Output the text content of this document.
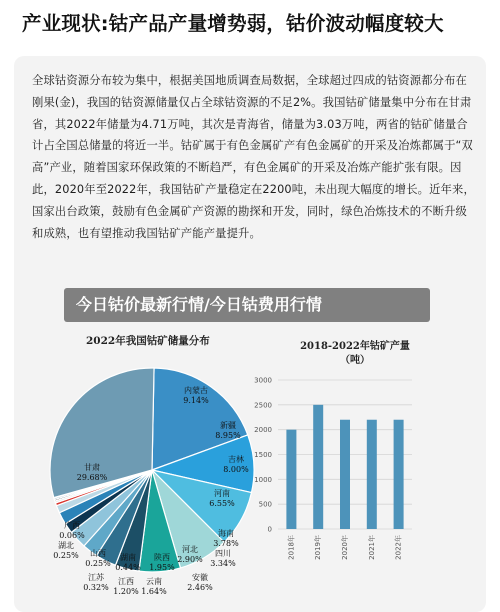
产业现状:钴产品产量增势弱，钴价波动幅度较大
全球钴资源分布较为集中，根据美国地质调查局数据，全球超过四成的钴资源都分布在刚果(金)，我国的钴资源储量仅占全球钴资源的不足2%。我国钴矿储量集中分布在甘肃省，其2022年储量为4.71万吨，其次是青海省，储量为3.03万吨，两省的钴矿储量合计占全国总储量的将近一半。钴矿属于有色金属矿产有色金属矿的开采及冶炼都属于“双高”产业，随着国家环保政策的不断趋严，有色金属矿的开采及冶炼产能扩张有限。因此，2020年至2022年，我国钴矿产量稳定在2200吨，未出现大幅度的增长。近年来，国家出台政策，鼓励有色金属矿产资源的勘探和开发，同时，绿色冶炼技术的不断升级和成熟，也有望推动我国钴矿产能产量提升。
2022年我国钴矿储量分布	2018-2022年钴矿产量
（吨）
内蒙古
9.14%
新疆
8.95%
吉林
8.00%
河南
6.55%
海南
3.78%
四川
3.34%
安徽
2.46%
河北
2.90%
云南
1.64%
陕西
1.95%
江西
1.20%
湖南
0.44%
江苏
0.32%
山西
0.25%
湖北
0.25%
广西
0.06%
甘肃
29.68%
0
500
1000
1500
2000
2500
3000
2018年	2019年	2020年	2021年	2022年
今日钴价最新行情/今日钴费用行情
